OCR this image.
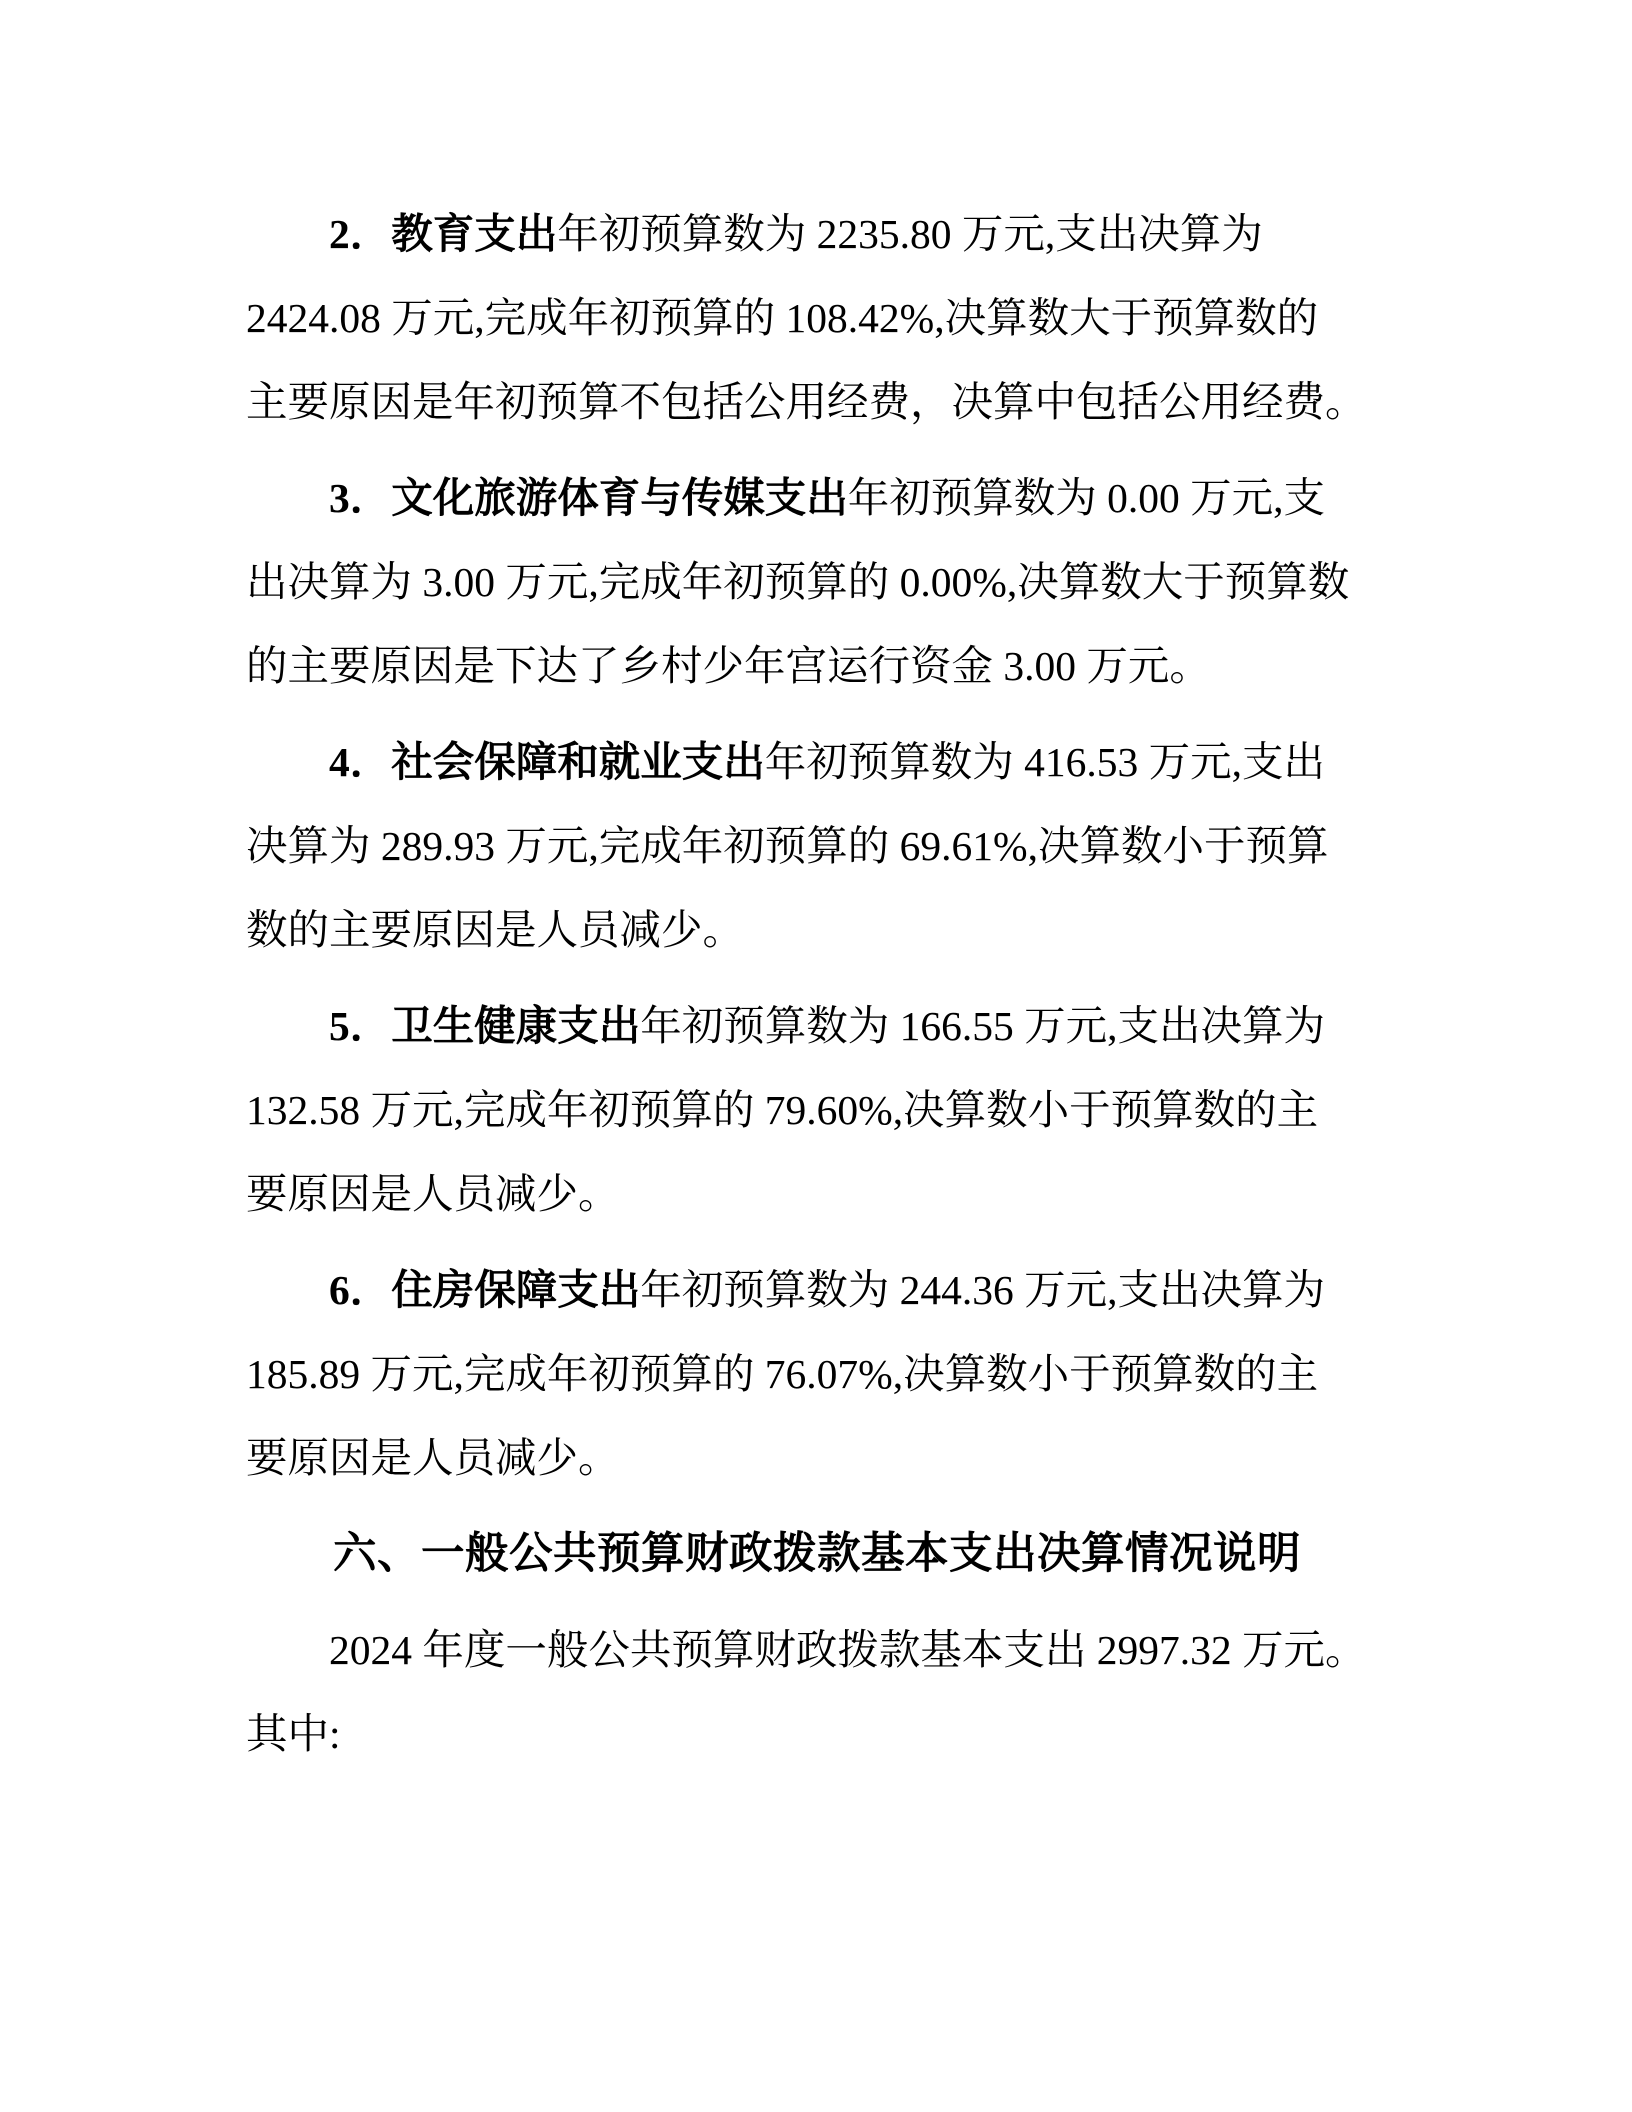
2．教育支出年初预算数为 2235.80 万元,支出决算为
2424.08 万元,完成年初预算的 108.42%,决算数大于预算数的
主要原因是年初预算不包括公用经费，决算中包括公用经费。
3．文化旅游体育与传媒支出年初预算数为 0.00 万元,支
出决算为 3.00 万元,完成年初预算的 0.00%,决算数大于预算数
的主要原因是下达了乡村少年宫运行资金 3.00 万元。
4．社会保障和就业支出年初预算数为 416.53 万元,支出
决算为 289.93 万元,完成年初预算的 69.61%,决算数小于预算
数的主要原因是人员减少。
5．卫生健康支出年初预算数为 166.55 万元,支出决算为
132.58 万元,完成年初预算的 79.60%,决算数小于预算数的主
要原因是人员减少。
6．住房保障支出年初预算数为 244.36 万元,支出决算为
185.89 万元,完成年初预算的 76.07%,决算数小于预算数的主
要原因是人员减少。
六、一般公共预算财政拨款基本支出决算情况说明
2024 年度一般公共预算财政拨款基本支出 2997.32 万元。
其中:
